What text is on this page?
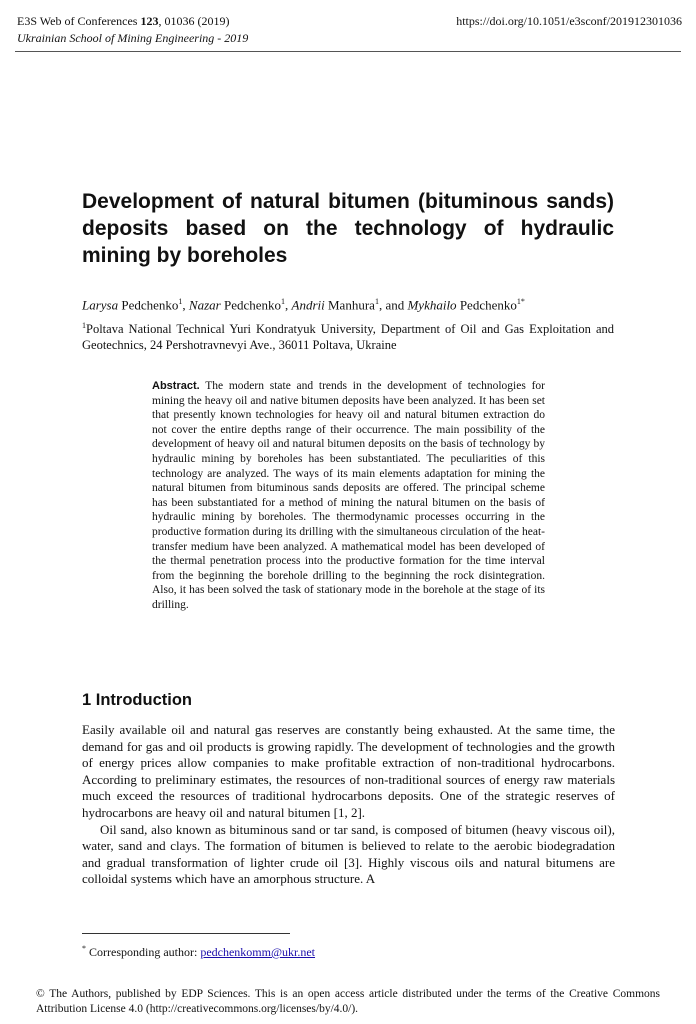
E3S Web of Conferences 123, 01036 (2019)
Ukrainian School of Mining Engineering - 2019
https://doi.org/10.1051/e3sconf/201912301036
Development of natural bitumen (bituminous sands) deposits based on the technology of hydraulic mining by boreholes
Larysa Pedchenko$^1$, Nazar Pedchenko$^1$, Andrii Manhura$^1$, and Mykhailo Pedchenko$^{1*}$
$^1$Poltava National Technical Yuri Kondratyuk University, Department of Oil and Gas Exploitation and Geotechnics, 24 Pershotravnevyi Ave., 36011 Poltava, Ukraine
Abstract. The modern state and trends in the development of technologies for mining the heavy oil and native bitumen deposits have been analyzed. It has been set that presently known technologies for heavy oil and natural bitumen extraction do not cover the entire depths range of their occurrence. The main possibility of the development of heavy oil and natural bitumen deposits on the basis of technology by hydraulic mining by boreholes has been substantiated. The peculiarities of this technology are analyzed. The ways of its main elements adaptation for mining the natural bitumen from bituminous sands deposits are offered. The principal scheme has been substantiated for a method of mining the natural bitumen on the basis of hydraulic mining by boreholes. The thermodynamic processes occurring in the productive formation during its drilling with the simultaneous circulation of the heat-transfer medium have been analyzed. A mathematical model has been developed of the thermal penetration process into the productive formation for the time interval from the beginning the borehole drilling to the beginning the rock disintegration. Also, it has been solved the task of stationary mode in the borehole at the stage of its drilling.
1 Introduction

Easily available oil and natural gas reserves are constantly being exhausted. At the same time, the demand for gas and oil products is growing rapidly. The development of technologies and the growth of energy prices allow companies to make profitable extraction of non-traditional hydrocarbons. According to preliminary estimates, the resources of non-traditional sources of energy raw materials much exceed the resources of traditional hydrocarbons deposits. One of the strategic reserves of hydrocarbons are heavy oil and natural bitumen [1, 2].

Oil sand, also known as bituminous sand or tar sand, is composed of bitumen (heavy viscous oil), water, sand and clays. The formation of bitumen is believed to relate to the aerobic biodegradation and gradual transformation of lighter crude oil [3]. Highly viscous oils and natural bitumens are colloidal systems which have an amorphous structure. A

* Corresponding author: pedchenkomm@ukr.net
© The Authors, published by EDP Sciences. This is an open access article distributed under the terms of the Creative Commons Attribution License 4.0 (http://creativecommons.org/licenses/by/4.0/).
